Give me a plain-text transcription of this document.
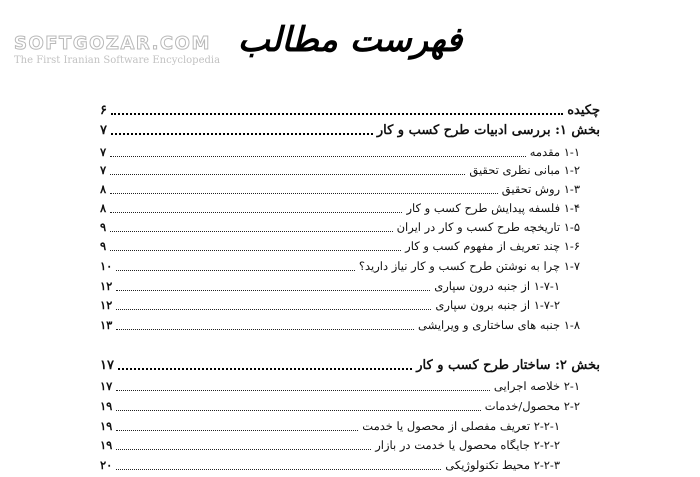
SOFTGOZAR.COM
The First Iranian Software Encyclopedia
فهرست مطالب
چکیده
۶
بخش ۱: بررسی ادبیات طرح کسب و کار
۷
۱-۱ مقدمه
۷
۱-۲ مبانی نظری تحقیق
۷
۱-۳ روش تحقیق
۸
۱-۴ فلسفه پیدایش طرح کسب و کار
۸
۱-۵ تاریخچه طرح کسب و کار در ایران
۹
۱-۶ چند تعریف از مفهوم کسب و کار
۹
۱-۷ چرا به نوشتن طرح کسب و کار نیاز دارید؟
۱۰
۱-۷-۱ از جنبه درون سپاری
۱۲
۱-۷-۲ از جنبه برون سپاری
۱۲
۱-۸ جنبه های ساختاری و ویرایشی
۱۳
بخش ۲: ساختار طرح کسب و کار
۱۷
۲-۱ خلاصه اجرایی
۱۷
۲-۲ محصول/خدمات
۱۹
۲-۲-۱ تعریف مفصلی از محصول یا خدمت
۱۹
۲-۲-۲ جایگاه محصول یا خدمت در بازار
۱۹
۲-۲-۳ محیط تکنولوژیکی
۲۰
